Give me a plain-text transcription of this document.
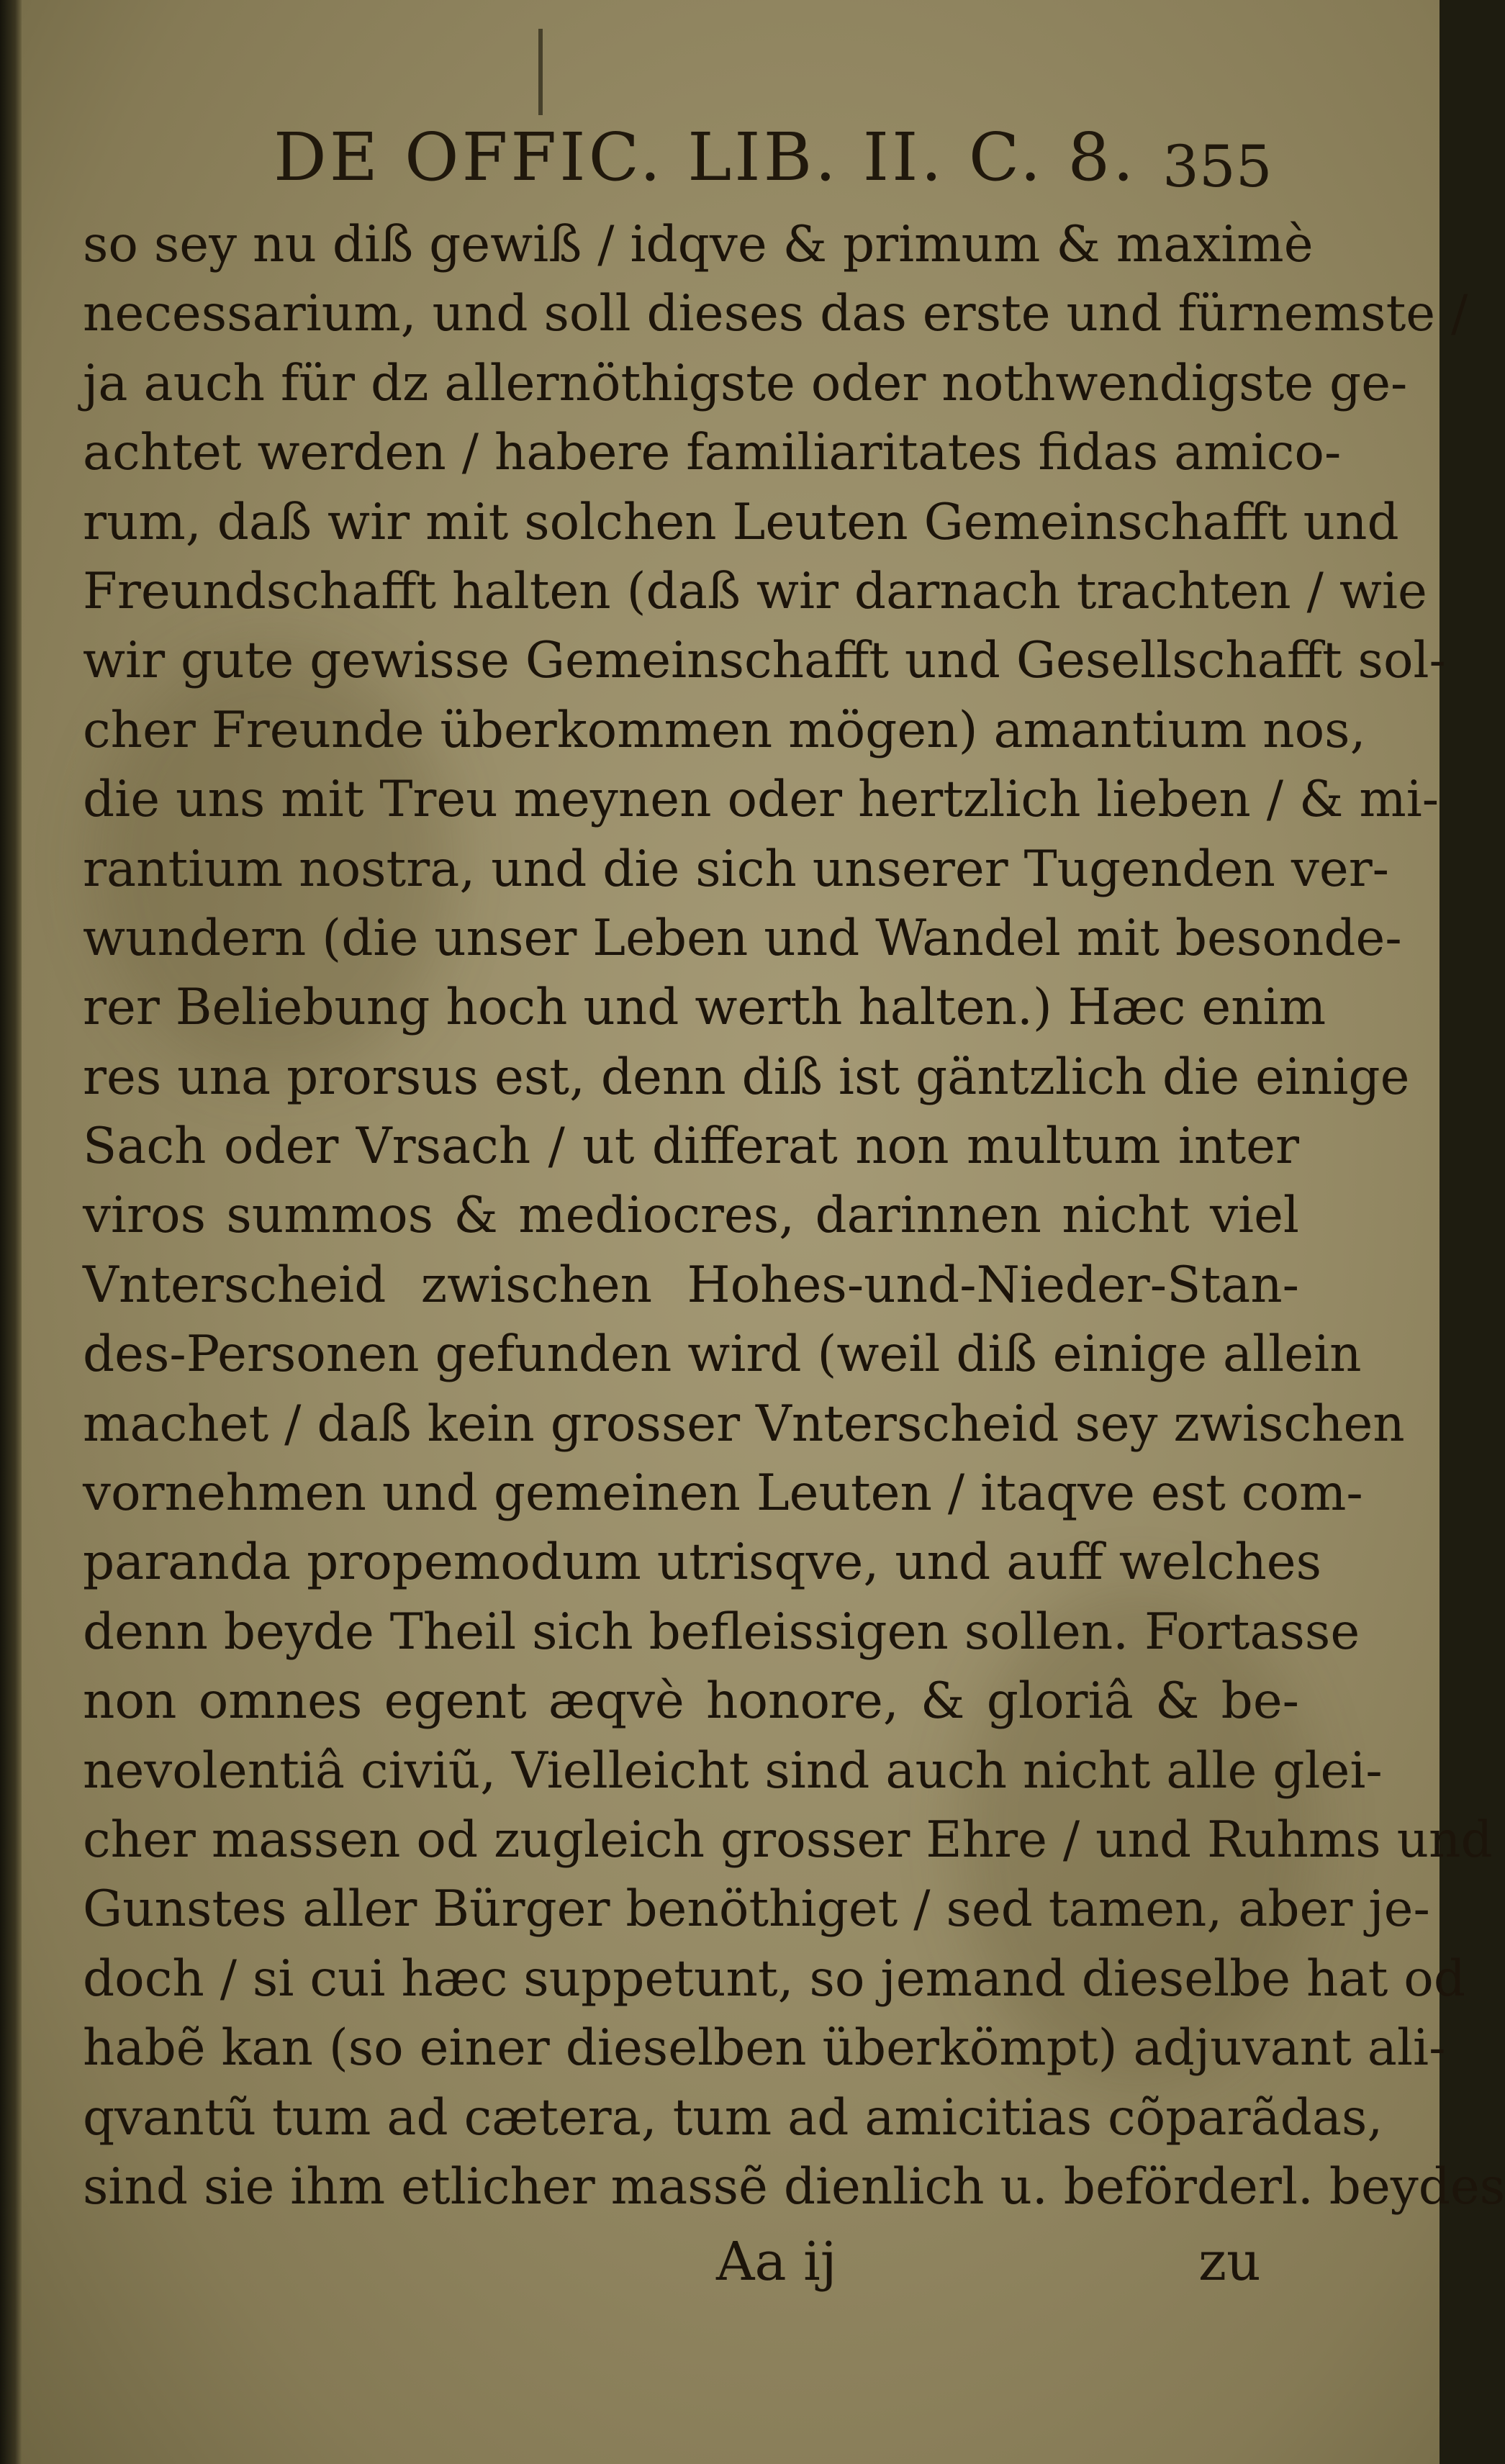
DE OFFIC. LIB. II. C. 8. 355
so sey nu diß gewiß / idqve & primum & maximè
necessarium, und soll dieses das erste und fürnemste /
ja auch für dz allernöthigste oder nothwendigste ge-
achtet werden / habere familiaritates fidas amico-
rum, daß wir mit solchen Leuten Gemeinschafft und
Freundschafft halten (daß wir darnach trachten / wie
wir gute gewisse Gemeinschafft und Gesellschafft sol-
cher Freunde überkommen mögen) amantium nos,
die uns mit Treu meynen oder hertzlich lieben / & mi-
rantium nostra, und die sich unserer Tugenden ver-
wundern (die unser Leben und Wandel mit besonde-
rer Beliebung hoch und werth halten.) Hæc enim
res una prorsus est, denn diß ist gäntzlich die einige
Sach oder Vrsach / ut differat non multum inter
viros summos & mediocres, darinnen nicht viel
Vnterscheid zwischen Hohes-und-Nieder-Stan-
des-Personen gefunden wird (weil diß einige allein
machet / daß kein grosser Vnterscheid sey zwischen
vornehmen und gemeinen Leuten / itaqve est com-
paranda propemodum utrisqve, und auff welches
denn beyde Theil sich befleissigen sollen. Fortasse
non omnes egent æqvè honore, & gloriâ & be-
nevolentiâ civiũ, Vielleicht sind auch nicht alle glei-
cher massen od zugleich grosser Ehre / und Ruhms und
Gunstes aller Bürger benöthiget / sed tamen, aber je-
doch / si cui hæc suppetunt, so jemand dieselbe hat od
habẽ kan (so einer dieselben überkömpt) adjuvant ali-
qvantũ tum ad cætera, tum ad amicitias cõparãdas,
sind sie ihm etlicher massẽ dienlich u. beförderl. beydes
Aa ij	zu
